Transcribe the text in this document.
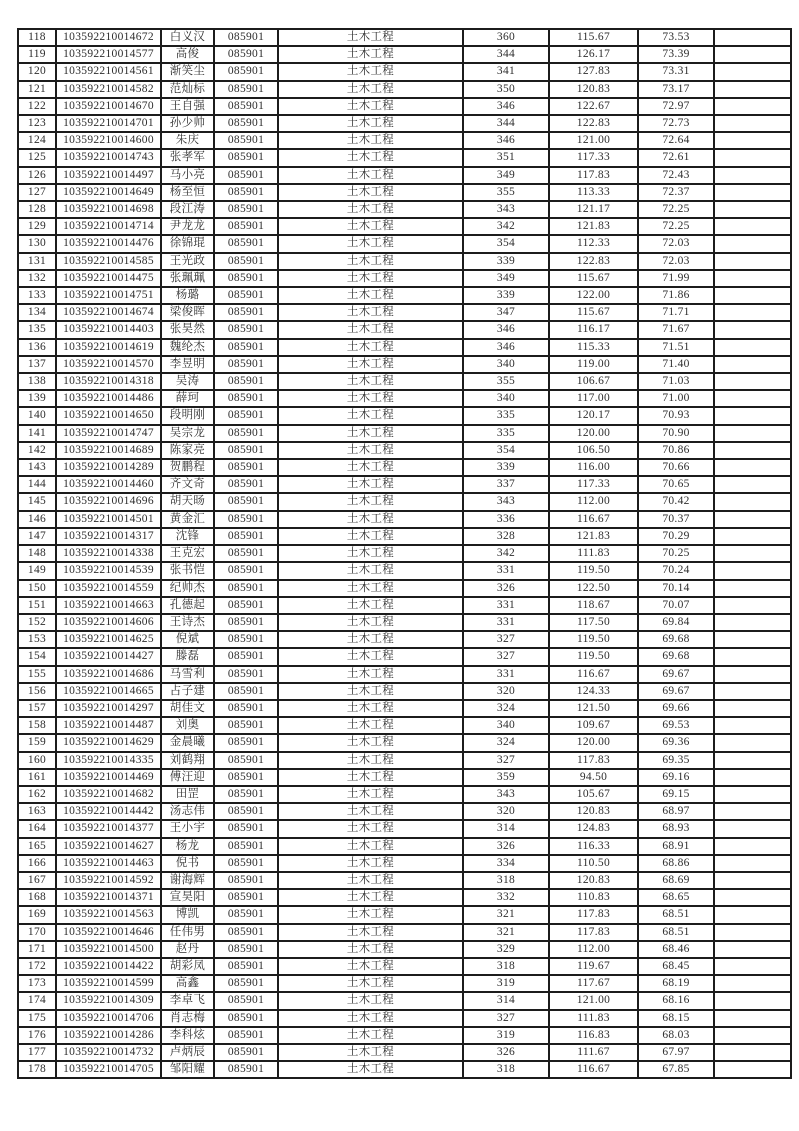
118	103592210014672	白义汉	085901	土木工程	360	115.67	73.53	
119	103592210014577	高俊	085901	土木工程	344	126.17	73.39	
120	103592210014561	渐笑尘	085901	土木工程	341	127.83	73.31	
121	103592210014582	范灿标	085901	土木工程	350	120.83	73.17	
122	103592210014670	王自强	085901	土木工程	346	122.67	72.97	
123	103592210014701	孙少帅	085901	土木工程	344	122.83	72.73	
124	103592210014600	朱庆	085901	土木工程	346	121.00	72.64	
125	103592210014743	张孝军	085901	土木工程	351	117.33	72.61	
126	103592210014497	马小亮	085901	土木工程	349	117.83	72.43	
127	103592210014649	杨至恒	085901	土木工程	355	113.33	72.37	
128	103592210014698	段江涛	085901	土木工程	343	121.17	72.25	
129	103592210014714	尹龙龙	085901	土木工程	342	121.83	72.25	
130	103592210014476	徐锦琨	085901	土木工程	354	112.33	72.03	
131	103592210014585	王光政	085901	土木工程	339	122.83	72.03	
132	103592210014475	张珮珮	085901	土木工程	349	115.67	71.99	
133	103592210014751	杨璐	085901	土木工程	339	122.00	71.86	
134	103592210014674	梁俊晖	085901	土木工程	347	115.67	71.71	
135	103592210014403	张昊然	085901	土木工程	346	116.17	71.67	
136	103592210014619	魏纶杰	085901	土木工程	346	115.33	71.51	
137	103592210014570	李昱明	085901	土木工程	340	119.00	71.40	
138	103592210014318	吴涛	085901	土木工程	355	106.67	71.03	
139	103592210014486	薛珂	085901	土木工程	340	117.00	71.00	
140	103592210014650	段明刚	085901	土木工程	335	120.17	70.93	
141	103592210014747	吴宗龙	085901	土木工程	335	120.00	70.90	
142	103592210014689	陈家亮	085901	土木工程	354	106.50	70.86	
143	103592210014289	贺鹏程	085901	土木工程	339	116.00	70.66	
144	103592210014460	齐文奇	085901	土木工程	337	117.33	70.65	
145	103592210014696	胡天旸	085901	土木工程	343	112.00	70.42	
146	103592210014501	黄金汇	085901	土木工程	336	116.67	70.37	
147	103592210014317	沈锋	085901	土木工程	328	121.83	70.29	
148	103592210014338	王克宏	085901	土木工程	342	111.83	70.25	
149	103592210014539	张书恺	085901	土木工程	331	119.50	70.24	
150	103592210014559	纪帅杰	085901	土木工程	326	122.50	70.14	
151	103592210014663	孔德起	085901	土木工程	331	118.67	70.07	
152	103592210014606	王诗杰	085901	土木工程	331	117.50	69.84	
153	103592210014625	倪斌	085901	土木工程	327	119.50	69.68	
154	103592210014427	滕磊	085901	土木工程	327	119.50	69.68	
155	103592210014686	马雪利	085901	土木工程	331	116.67	69.67	
156	103592210014665	占子建	085901	土木工程	320	124.33	69.67	
157	103592210014297	胡佳文	085901	土木工程	324	121.50	69.66	
158	103592210014487	刘奥	085901	土木工程	340	109.67	69.53	
159	103592210014629	金晨曦	085901	土木工程	324	120.00	69.36	
160	103592210014335	刘鹤翔	085901	土木工程	327	117.83	69.35	
161	103592210014469	傅汪迎	085901	土木工程	359	94.50	69.16	
162	103592210014682	田罡	085901	土木工程	343	105.67	69.15	
163	103592210014442	汤志伟	085901	土木工程	320	120.83	68.97	
164	103592210014377	王小宇	085901	土木工程	314	124.83	68.93	
165	103592210014627	杨龙	085901	土木工程	326	116.33	68.91	
166	103592210014463	倪书	085901	土木工程	334	110.50	68.86	
167	103592210014592	谢海辉	085901	土木工程	318	120.83	68.69	
168	103592210014371	宣昊阳	085901	土木工程	332	110.83	68.65	
169	103592210014563	博凯	085901	土木工程	321	117.83	68.51	
170	103592210014646	任伟男	085901	土木工程	321	117.83	68.51	
171	103592210014500	赵丹	085901	土木工程	329	112.00	68.46	
172	103592210014422	胡彩凤	085901	土木工程	318	119.67	68.45	
173	103592210014599	高鑫	085901	土木工程	319	117.67	68.19	
174	103592210014309	李卓飞	085901	土木工程	314	121.00	68.16	
175	103592210014706	肖志梅	085901	土木工程	327	111.83	68.15	
176	103592210014286	李科炫	085901	土木工程	319	116.83	68.03	
177	103592210014732	卢炳辰	085901	土木工程	326	111.67	67.97	
178	103592210014705	邹阳耀	085901	土木工程	318	116.67	67.85	
